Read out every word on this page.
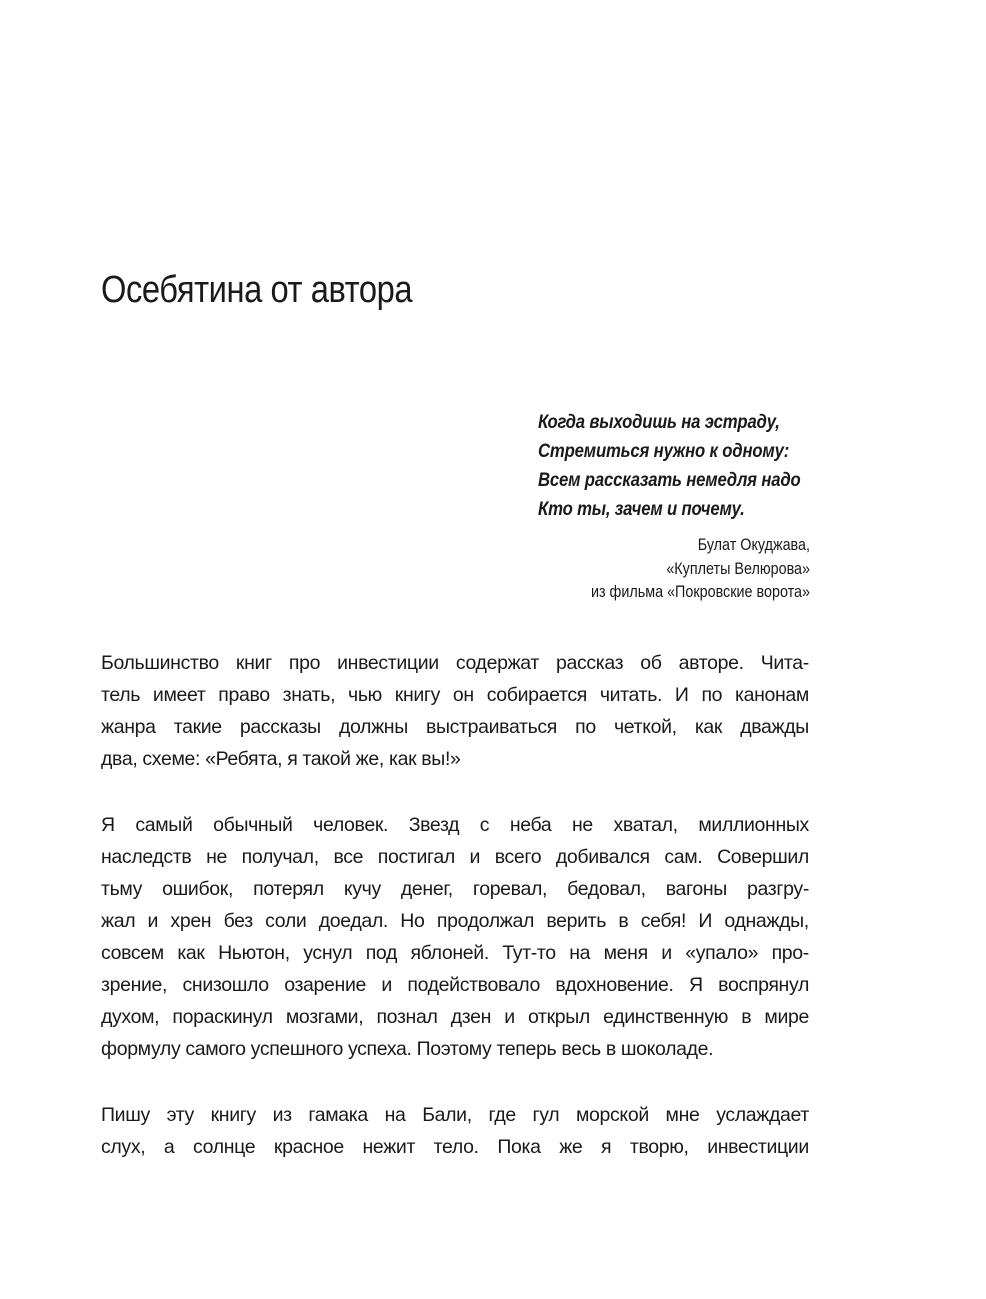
Осебятина от автора
Когда выходишь на эстраду,
Стремиться нужно к одному:
Всем рассказать немедля надо
Кто ты, зачем и почему.
Булат Окуджава,
«Куплеты Велюрова»
из фильма «Покровские ворота»
Большинство книг про инвестиции содержат рассказ об авторе. Чита-
тель имеет право знать, чью книгу он собирается читать. И по канонам
жанра такие рассказы должны выстраиваться по четкой, как дважды
два, схеме: «Ребята, я такой же, как вы!»
Я самый обычный человек. Звезд с неба не хватал, миллионных
наследств не получал, все постигал и всего добивался сам. Совершил
тьму ошибок, потерял кучу денег, горевал, бедовал, вагоны разгру-
жал и хрен без соли доедал. Но продолжал верить в себя! И однажды,
совсем как Ньютон, уснул под яблоней. Тут-то на меня и «упало» про-
зрение, снизошло озарение и подействовало вдохновение. Я воспрянул
духом, пораскинул мозгами, познал дзен и открыл единственную в мире
формулу самого успешного успеха. Поэтому теперь весь в шоколаде.
Пишу эту книгу из гамака на Бали, где гул морской мне услаждает
слух, а солнце красное нежит тело. Пока же я творю, инвестиции
